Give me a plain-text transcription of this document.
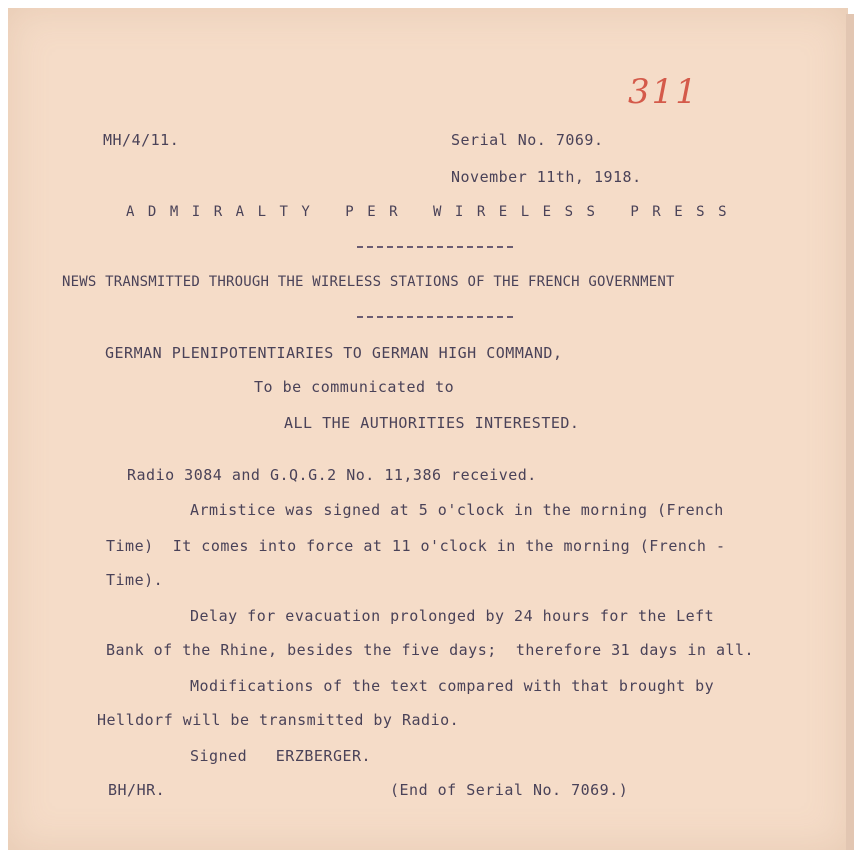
311
MH/4/11.	Serial No. 7069.
November 11th, 1918.
ADMIRALTY PER WIRELESS PRESS
NEWS TRANSMITTED THROUGH THE WIRELESS STATIONS OF THE FRENCH GOVERNMENT
GERMAN PLENIPOTENTIARIES TO GERMAN HIGH COMMAND,
To be communicated to
ALL THE AUTHORITIES INTERESTED.
Radio 3084 and G.Q.G.2 No. 11,386 received.
Armistice was signed at 5 o'clock in the morning (French
Time)  It comes into force at 11 o'clock in the morning (French -
Time).
Delay for evacuation prolonged by 24 hours for the Left
Bank of the Rhine, besides the five days;  therefore 31 days in all.
Modifications of the text compared with that brought by
Helldorf will be transmitted by Radio.
Signed   ERZBERGER.
BH/HR.	(End of Serial No. 7069.)
